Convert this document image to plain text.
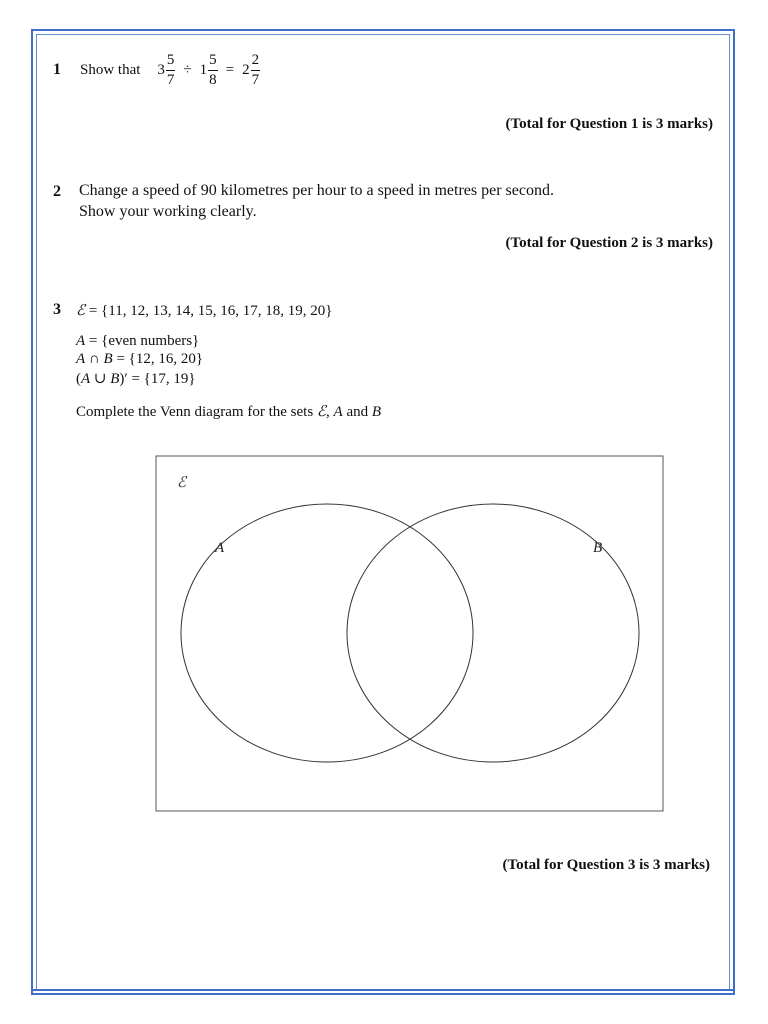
1 Show that $3 \frac{5}{7} \div 1 \frac{5}{8} = 2 \frac{2}{7}$
(Total for Question 1 is 3 marks)
2 Change a speed of 90 kilometres per hour to a speed in metres per second.
Show your working clearly.
(Total for Question 2 is 3 marks)
3 ℰ = {11, 12, 13, 14, 15, 16, 17, 18, 19, 20}
A = {even numbers}
A ∩ B = {12, 16, 20}
(A ∪ B)′ = {17, 19}
Complete the Venn diagram for the sets ℰ, A and B
ℰ
A	B
(Total for Question 3 is 3 marks)
